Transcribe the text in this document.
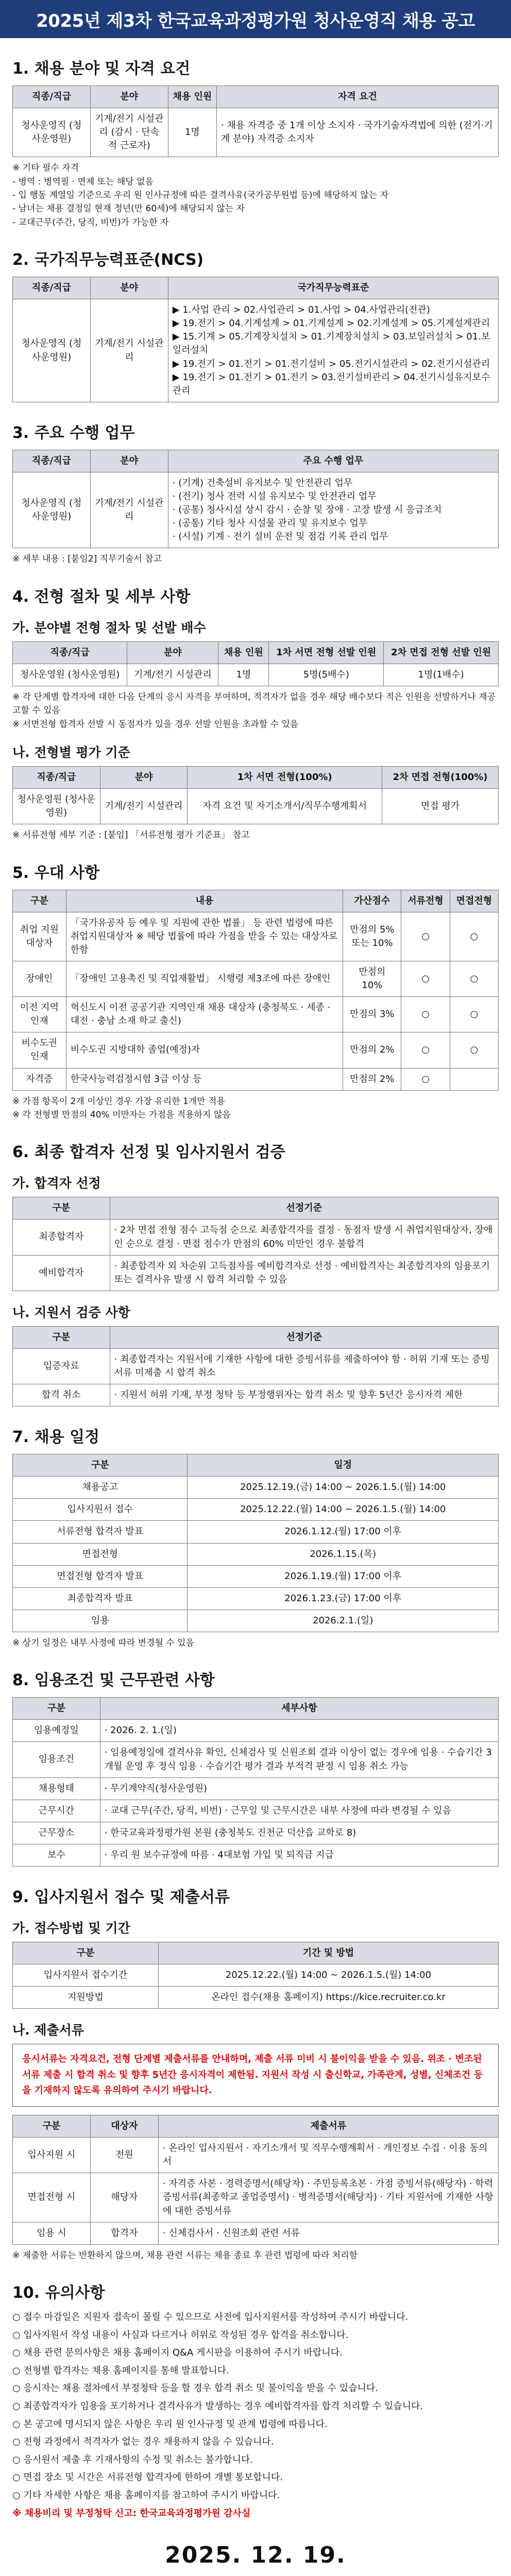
2025년 제3차 한국교육과정평가원 청사운영직 채용 공고
1. 채용 분야 및 자격 요건
직종/직급	분야	채용 인원	자격 요건
청사운영직 (청사운영원)	기계/전기 시설관리 (감시 · 단속 적 근로자)	1명	· 채용 자격증 중 1개 이상 소지자 · 국가기술자격법에 의한 (전기·기계 분야) 자격증 소지자
※ 기타 필수 자격
- 병역 : 병역필 · 면제 또는 해당 없음
- 입 행동 계열일 기준으로 우리 원 인사규정에 따른 결격사유(국가공무원법 등)에 해당하지 않는 자
- 남녀는 채용 결정일 현재 정년(만 60세)에 해당되지 않는 자
- 교대근무(주간, 당직, 비번)가 가능한 자
2. 국가직무능력표준(NCS)
직종/직급	분야	국가직무능력표준
청사운영직 (청사운영원)	기계/전기 시설관리	▶ 1.사업 관리 > 02.사업관리 > 01.사업 > 04.사업관리(전관)
▶ 19.전기 > 04.기계설계 > 01.기계설계 > 02.기계설계 > 05.기계설계관리
▶ 15.기계 > 05.기계장치설치 > 01.기계장치설치 > 03.보일러설치 > 01.보일러설치
▶ 19.전기 > 01.전기 > 01.전기설비 > 05.전기시설관리 > 02.전기시설관리
▶ 19.전기 > 01.전기 > 01.전기 > 03.전기설비관리 > 04.전기시설유지보수관리
3. 주요 수행 업무
직종/직급	분야	주요 수행 업무
청사운영직 (청사운영원)	기계/전기 시설관리	· (기계) 건축설비 유지보수 및 안전관리 업무
· (전기) 청사 전력 시설 유지보수 및 안전관리 업무
· (공통) 청사시설 상시 감시 · 순찰 및 장애 · 고장 발생 시 응급조치
· (공통) 기타 청사 시설물 관리 및 유지보수 업무
· (시설) 기계 · 전기 설비 운전 및 점검 기록 관리 업무
※ 세부 내용 : [붙임2] 직무기술서 참고
4. 전형 절차 및 세부 사항
가. 분야별 전형 절차 및 선발 배수
직종/직급	분야	채용 인원	1차 서면 전형 선발 인원	2차 면접 전형 선발 인원
청사운영원 (청사운영원)	기계/전기 시설관리	1명	5명(5배수)	1명(1배수)
※ 각 단계별 합격자에 대한 다음 단계의 응시 자격을 부여하며, 적격자가 없을 경우 해당 배수보다 적은 인원을 선발하거나 재공고할 수 있음
※ 서면전형 합격자 선발 시 동점자가 있을 경우 선발 인원을 초과할 수 있음
나. 전형별 평가 기준
직종/직급	분야	1차 서면 전형(100%)	2차 면접 전형(100%)
청사운영원 (청사운영원)	기계/전기 시설관리	자격 요건 및 자기소개서/직무수행계획서	면접 평가
※ 서류전형 세부 기준 : [붙임] 「서류전형 평가 기준표」 참고
5. 우대 사항
구분	내용	가산점수	서류전형	면접전형
취업 지원 대상자	「국가유공자 등 예우 및 지원에 관한 법률」 등 관련 법령에 따른 취업지원대상자 ※ 해당 법률에 따라 가점을 받을 수 있는 대상자로 한함	만점의 5% 또는 10%	○	○
장애인	「장애인 고용촉진 및 직업재활법」 시행령 제3조에 따른 장애인	만점의 10%	○	○
이전 지역 인재	혁신도시 이전 공공기관 지역인재 채용 대상자 (충청북도 · 세종 · 대전 · 충남 소재 학교 출신)	만점의 3%	○	○
비수도권 인재	비수도권 지방대학 졸업(예정)자	만점의 2%	○	○
자격증	한국사능력검정시험 3급 이상 등	만점의 2%	○	
※ 가점 항목이 2개 이상인 경우 가장 유리한 1개만 적용
※ 각 전형별 만점의 40% 미만자는 가점을 적용하지 않음
6. 최종 합격자 선정 및 임사지원서 검증
가. 합격자 선정
구분	선정기준
최종합격자	· 2차 면접 전형 점수 고득점 순으로 최종합격자를 결정 · 동점자 발생 시 취업지원대상자, 장애인 순으로 결정 · 면접 점수가 만점의 60% 미만인 경우 불합격
예비합격자	· 최종합격자 외 차순위 고득점자를 예비합격자로 선정 · 예비합격자는 최종합격자의 임용포기 또는 결격사유 발생 시 합격 처리할 수 있음
나. 지원서 검증 사항
구분	선정기준
입증자료	· 최종합격자는 지원서에 기재한 사항에 대한 증빙서류를 제출하여야 함 · 허위 기재 또는 증빙서류 미제출 시 합격 취소
합격 취소	· 지원서 허위 기재, 부정 청탁 등 부정행위자는 합격 취소 및 향후 5년간 응시자격 제한
7. 채용 일정
구분	일정
채용공고	2025.12.19.(금) 14:00 ~ 2026.1.5.(월) 14:00
입사지원서 접수	2025.12.22.(월) 14:00 ~ 2026.1.5.(월) 14:00
서류전형 합격자 발표	2026.1.12.(월) 17:00 이후
면접전형	2026.1.15.(목)
면접전형 합격자 발표	2026.1.19.(월) 17:00 이후
최종합격자 발표	2026.1.23.(금) 17:00 이후
임용	2026.2.1.(일)
※ 상기 일정은 내부 사정에 따라 변경될 수 있음
8. 임용조건 및 근무관련 사항
구분	세부사항
임용예정일	· 2026. 2. 1.(일)
임용조건	· 임용예정일에 결격사유 확인, 신체검사 및 신원조회 결과 이상이 없는 경우에 임용 · 수습기간 3개월 운영 후 정식 임용 · 수습기간 평가 결과 부적격 판정 시 임용 취소 가능
채용형태	· 무기계약직(청사운영원)
근무시간	· 교대 근무(주간, 당직, 비번) · 근무일 및 근무시간은 내부 사정에 따라 변경될 수 있음
근무장소	· 한국교육과정평가원 본원 (충청북도 진천군 덕산읍 교학로 8)
보수	· 우리 원 보수규정에 따름 · 4대보험 가입 및 퇴직금 지급
9. 입사지원서 접수 및 제출서류
가. 접수방법 및 기간
구분	기간 및 방법
입사지원서 접수기간	2025.12.22.(월) 14:00 ~ 2026.1.5.(월) 14:00
지원방법	온라인 접수(채용 홈페이지) https://kice.recruiter.co.kr
나. 제출서류
응시서류는 자격요건, 전형 단계별 제출서류를 안내하며, 제출 서류 미비 시 불이익을 받을 수 있음. 위조 · 변조된 서류 제출 시 합격 취소 및 향후 5년간 응시자격이 제한됨. 지원서 작성 시 출신학교, 가족관계, 성별, 신체조건 등을 기재하지 않도록 유의하여 주시기 바랍니다.
구분	대상자	제출서류
입사지원 시	전원	· 온라인 입사지원서 · 자기소개서 및 직무수행계획서 · 개인정보 수집 · 이용 동의서
면접전형 시	해당자	· 자격증 사본 · 경력증명서(해당자) · 주민등록초본 · 가점 증빙서류(해당자) · 학력 증빙서류(최종학교 졸업증명서) · 병적증명서(해당자) · 기타 지원서에 기재한 사항에 대한 증빙서류
임용 시	합격자	· 신체검사서 · 신원조회 관련 서류
※ 제출한 서류는 반환하지 않으며, 채용 관련 서류는 채용 종료 후 관련 법령에 따라 처리함
10. 유의사항

○ 접수 마감일은 지원자 접속이 몰릴 수 있으므로 사전에 입사지원서를 작성하여 주시기 바랍니다.

○ 입사지원서 작성 내용이 사실과 다르거나 허위로 작성된 경우 합격을 취소합니다.

○ 채용 관련 문의사항은 채용 홈페이지 Q&A 게시판을 이용하여 주시기 바랍니다.

○ 전형별 합격자는 채용 홈페이지를 통해 발표합니다.

○ 응시자는 채용 절차에서 부정청탁 등을 할 경우 합격 취소 및 불이익을 받을 수 있습니다.

○ 최종합격자가 임용을 포기하거나 결격사유가 발생하는 경우 예비합격자를 합격 처리할 수 있습니다.

○ 본 공고에 명시되지 않은 사항은 우리 원 인사규정 및 관계 법령에 따릅니다.

○ 전형 과정에서 적격자가 없는 경우 채용하지 않을 수 있습니다.

○ 응시원서 제출 후 기재사항의 수정 및 취소는 불가합니다.

○ 면접 장소 및 시간은 서류전형 합격자에 한하여 개별 통보합니다.

○ 기타 자세한 사항은 채용 홈페이지를 참고하여 주시기 바랍니다.

※ 채용비리 및 부정청탁 신고: 한국교육과정평가원 감사실

2025. 12. 19.
